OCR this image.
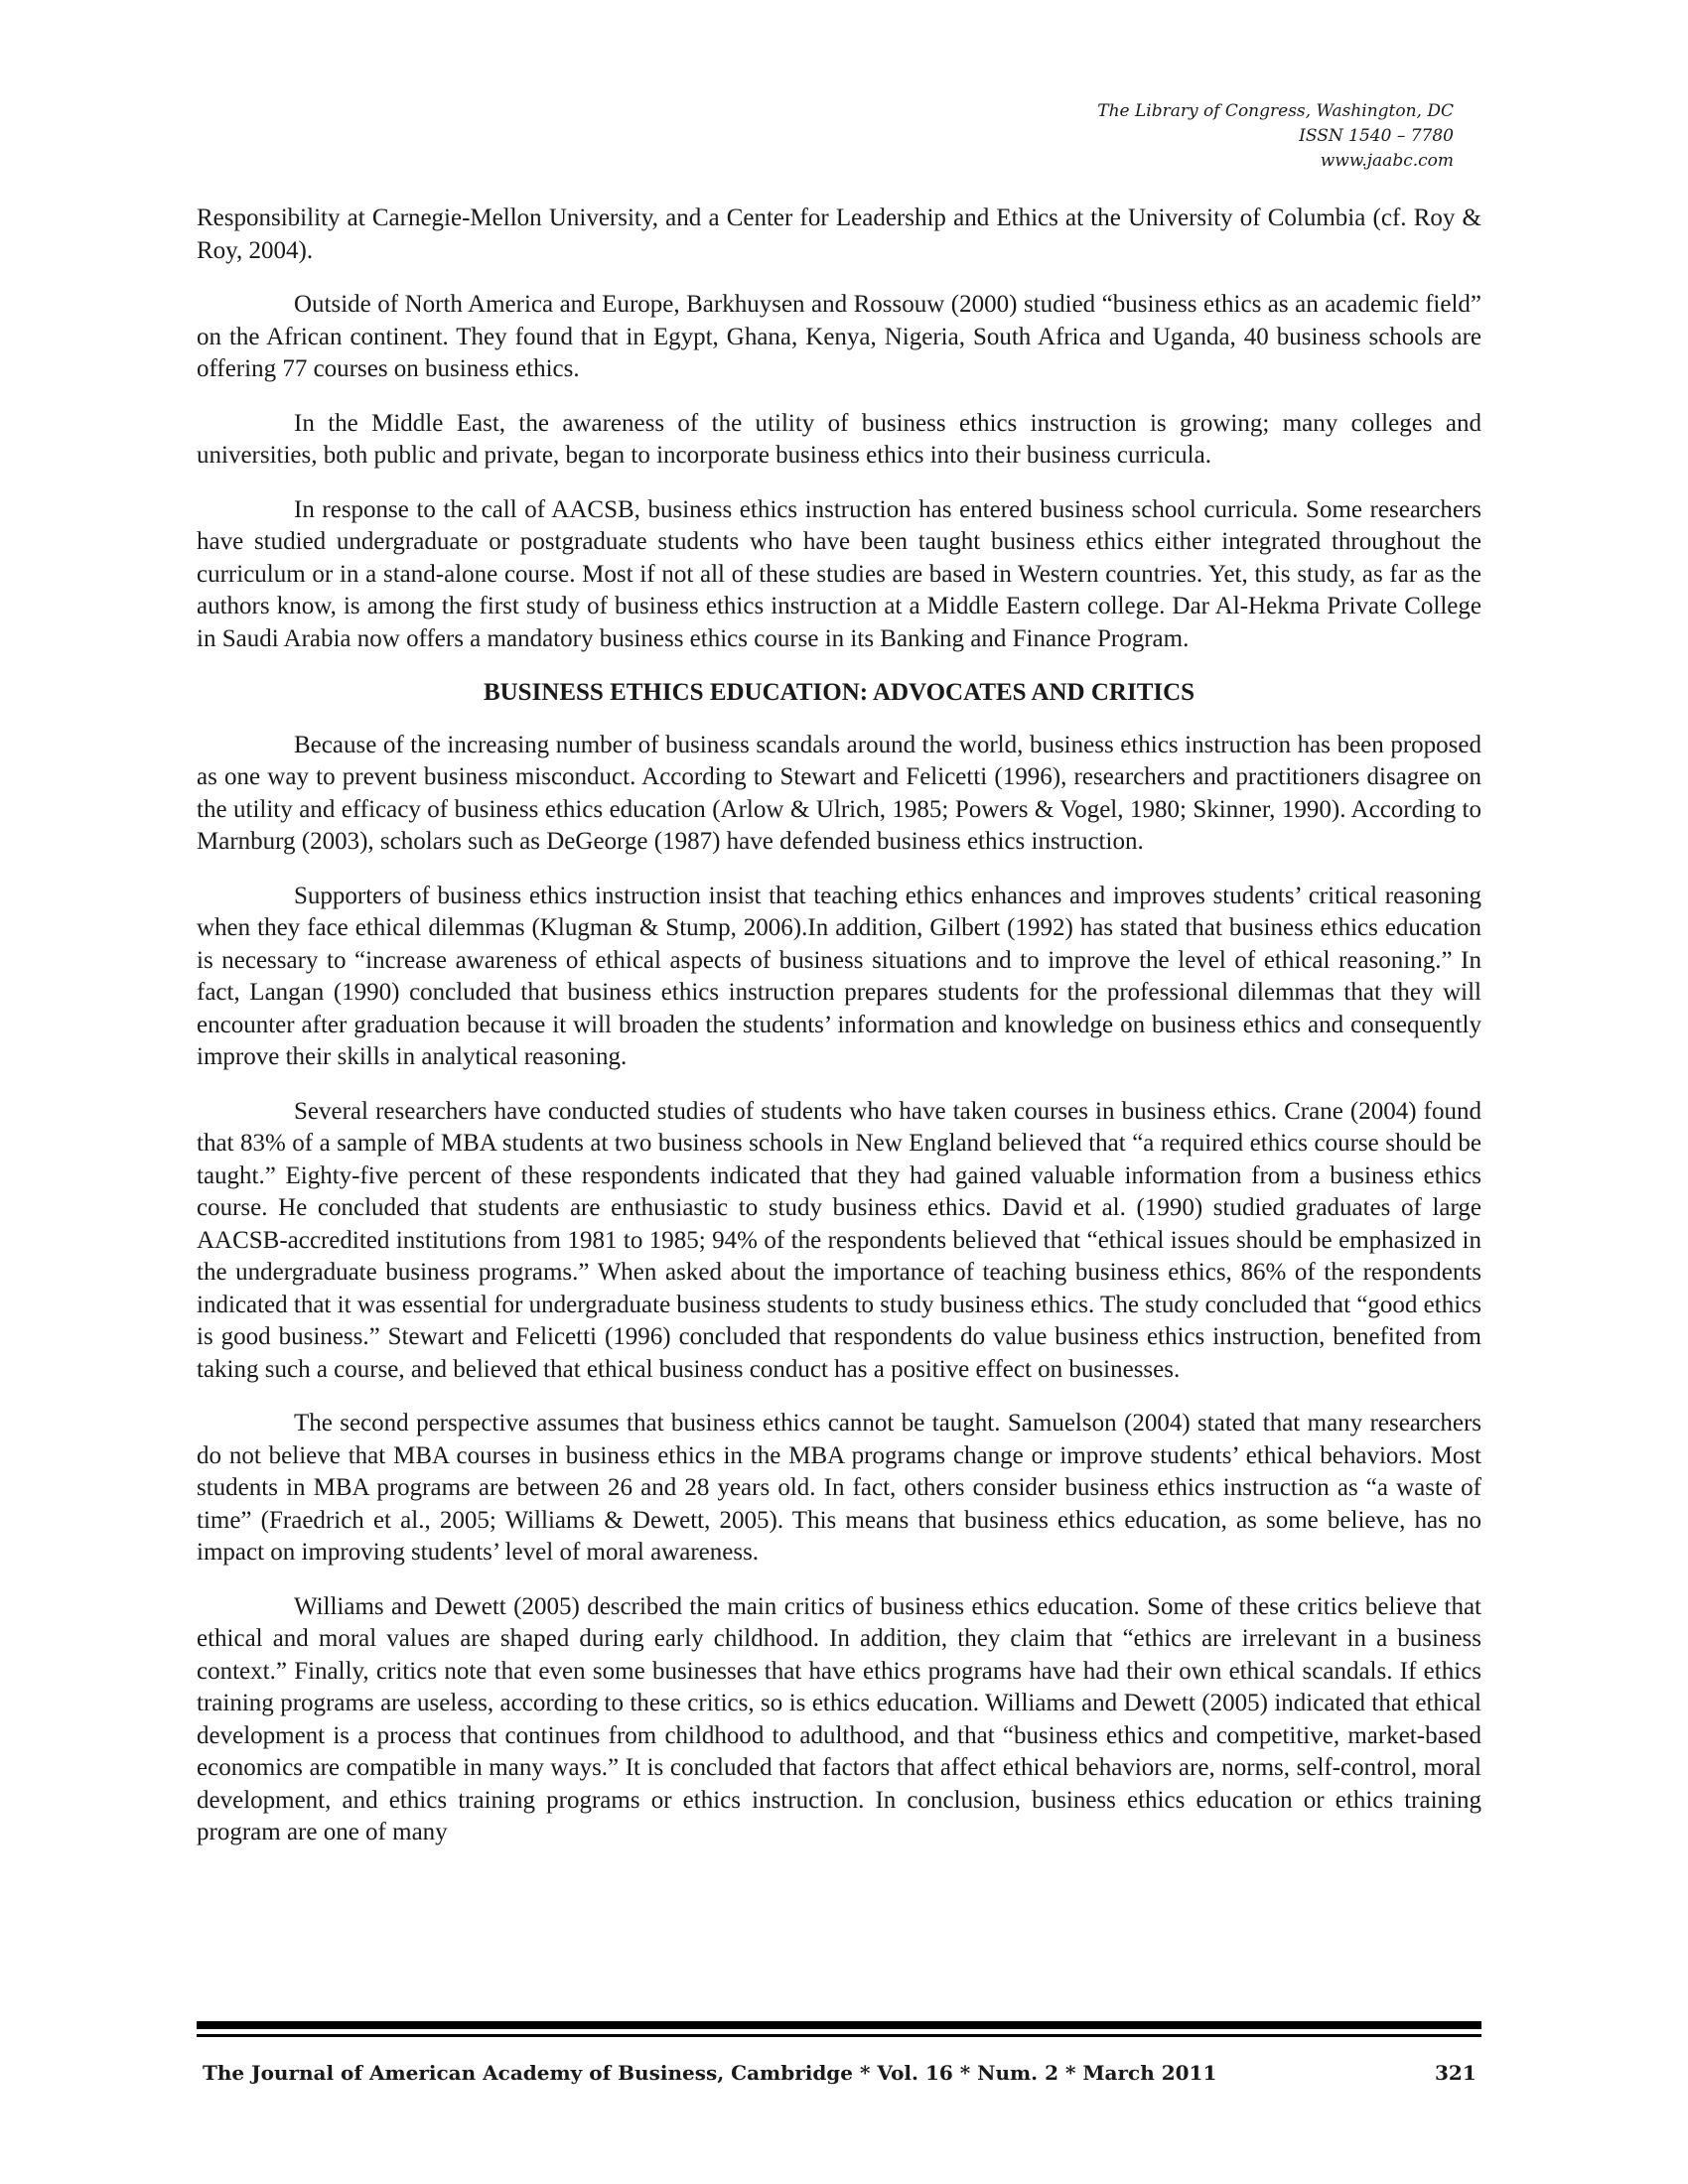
The Library of Congress, Washington, DC
ISSN 1540 – 7780
www.jaabc.com

Responsibility at Carnegie-Mellon University, and a Center for Leadership and Ethics at the University of Columbia (cf. Roy & Roy, 2004).

Outside of North America and Europe, Barkhuysen and Rossouw (2000) studied “business ethics as an academic field” on the African continent. They found that in Egypt, Ghana, Kenya, Nigeria, South Africa and Uganda, 40 business schools are offering 77 courses on business ethics.

In the Middle East, the awareness of the utility of business ethics instruction is growing; many colleges and universities, both public and private, began to incorporate business ethics into their business curricula.

In response to the call of AACSB, business ethics instruction has entered business school curricula. Some researchers have studied undergraduate or postgraduate students who have been taught business ethics either integrated throughout the curriculum or in a stand-alone course. Most if not all of these studies are based in Western countries. Yet, this study, as far as the authors know, is among the first study of business ethics instruction at a Middle Eastern college. Dar Al-Hekma Private College in Saudi Arabia now offers a mandatory business ethics course in its Banking and Finance Program.

BUSINESS ETHICS EDUCATION: ADVOCATES AND CRITICS

Because of the increasing number of business scandals around the world, business ethics instruction has been proposed as one way to prevent business misconduct. According to Stewart and Felicetti (1996), researchers and practitioners disagree on the utility and efficacy of business ethics education (Arlow & Ulrich, 1985; Powers & Vogel, 1980; Skinner, 1990). According to Marnburg (2003), scholars such as DeGeorge (1987) have defended business ethics instruction.

Supporters of business ethics instruction insist that teaching ethics enhances and improves students’ critical reasoning when they face ethical dilemmas (Klugman & Stump, 2006).In addition, Gilbert (1992) has stated that business ethics education is necessary to “increase awareness of ethical aspects of business situations and to improve the level of ethical reasoning.” In fact, Langan (1990) concluded that business ethics instruction prepares students for the professional dilemmas that they will encounter after graduation because it will broaden the students’ information and knowledge on business ethics and consequently improve their skills in analytical reasoning.

Several researchers have conducted studies of students who have taken courses in business ethics. Crane (2004) found that 83% of a sample of MBA students at two business schools in New England believed that “a required ethics course should be taught.” Eighty-five percent of these respondents indicated that they had gained valuable information from a business ethics course. He concluded that students are enthusiastic to study business ethics. David et al. (1990) studied graduates of large AACSB-accredited institutions from 1981 to 1985; 94% of the respondents believed that “ethical issues should be emphasized in the undergraduate business programs.” When asked about the importance of teaching business ethics, 86% of the respondents indicated that it was essential for undergraduate business students to study business ethics. The study concluded that “good ethics is good business.” Stewart and Felicetti (1996) concluded that respondents do value business ethics instruction, benefited from taking such a course, and believed that ethical business conduct has a positive effect on businesses.

The second perspective assumes that business ethics cannot be taught. Samuelson (2004) stated that many researchers do not believe that MBA courses in business ethics in the MBA programs change or improve students’ ethical behaviors. Most students in MBA programs are between 26 and 28 years old. In fact, others consider business ethics instruction as “a waste of time” (Fraedrich et al., 2005; Williams & Dewett, 2005). This means that business ethics education, as some believe, has no impact on improving students’ level of moral awareness.

Williams and Dewett (2005) described the main critics of business ethics education. Some of these critics believe that ethical and moral values are shaped during early childhood. In addition, they claim that “ethics are irrelevant in a business context.” Finally, critics note that even some businesses that have ethics programs have had their own ethical scandals. If ethics training programs are useless, according to these critics, so is ethics education. Williams and Dewett (2005) indicated that ethical development is a process that continues from childhood to adulthood, and that “business ethics and competitive, market-based economics are compatible in many ways.” It is concluded that factors that affect ethical behaviors are, norms, self-control, moral development, and ethics training programs or ethics instruction. In conclusion, business ethics education or ethics training program are one of many

The Journal of American Academy of Business, Cambridge * Vol. 16 * Num. 2 * March 2011	321
